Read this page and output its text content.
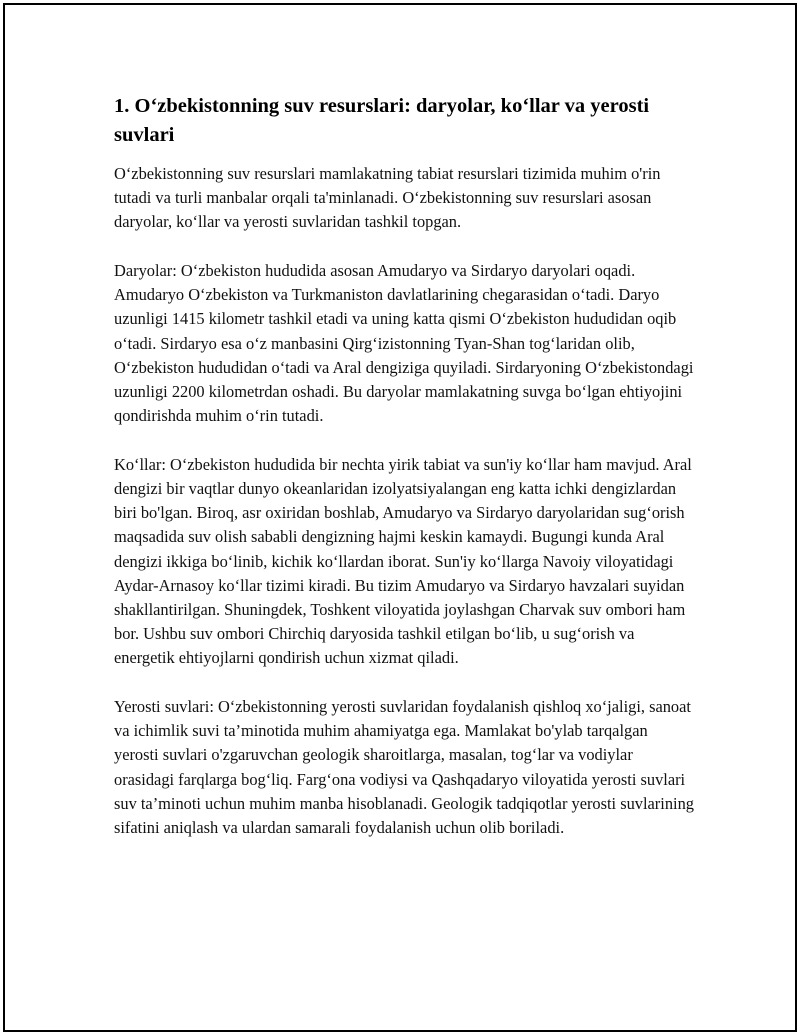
1. O‘zbekistonning suv resurslari: daryolar, ko‘llar va yerosti suvlari

O‘zbekistonning suv resurslari mamlakatning tabiat resurslari tizimida muhim o'rin tutadi va turli manbalar orqali ta'minlanadi. O‘zbekistonning suv resurslari asosan daryolar, ko‘llar va yerosti suvlaridan tashkil topgan.

Daryolar: O‘zbekiston hududida asosan Amudaryo va Sirdaryo daryolari oqadi. Amudaryo O‘zbekiston va Turkmaniston davlatlarining chegarasidan o‘tadi. Daryo uzunligi 1415 kilometr tashkil etadi va uning katta qismi O‘zbekiston hududidan oqib o‘tadi. Sirdaryo esa o‘z manbasini Qirg‘izistonning Tyan-Shan tog‘laridan olib, O‘zbekiston hududidan o‘tadi va Aral dengiziga quyiladi. Sirdaryoning O‘zbekistondagi uzunligi 2200 kilometrdan oshadi. Bu daryolar mamlakatning suvga bo‘lgan ehtiyojini qondirishda muhim o‘rin tutadi.

Ko‘llar: O‘zbekiston hududida bir nechta yirik tabiat va sun'iy ko‘llar ham mavjud. Aral dengizi bir vaqtlar dunyo okeanlaridan izolyatsiyalangan eng katta ichki dengizlardan biri bo'lgan. Biroq, asr oxiridan boshlab, Amudaryo va Sirdaryo daryolaridan sug‘orish maqsadida suv olish sababli dengizning hajmi keskin kamaydi. Bugungi kunda Aral dengizi ikkiga bo‘linib, kichik ko‘llardan iborat. Sun'iy ko‘llarga Navoiy viloyatidagi Aydar-Arnasoy ko‘llar tizimi kiradi. Bu tizim Amudaryo va Sirdaryo havzalari suyidan shakllantirilgan. Shuningdek, Toshkent viloyatida joylashgan Charvak suv ombori ham bor. Ushbu suv ombori Chirchiq daryosida tashkil etilgan bo‘lib, u sug‘orish va energetik ehtiyojlarni qondirish uchun xizmat qiladi.

Yerosti suvlari: O‘zbekistonning yerosti suvlaridan foydalanish qishloq xo‘jaligi, sanoat va ichimlik suvi ta’minotida muhim ahamiyatga ega. Mamlakat bo'ylab tarqalgan yerosti suvlari o'zgaruvchan geologik sharoitlarga, masalan, tog‘lar va vodiylar orasidagi farqlarga bog‘liq. Farg‘ona vodiysi va Qashqadaryo viloyatida yerosti suvlari suv ta’minoti uchun muhim manba hisoblanadi. Geologik tadqiqotlar yerosti suvlarining sifatini aniqlash va ulardan samarali foydalanish uchun olib boriladi.
